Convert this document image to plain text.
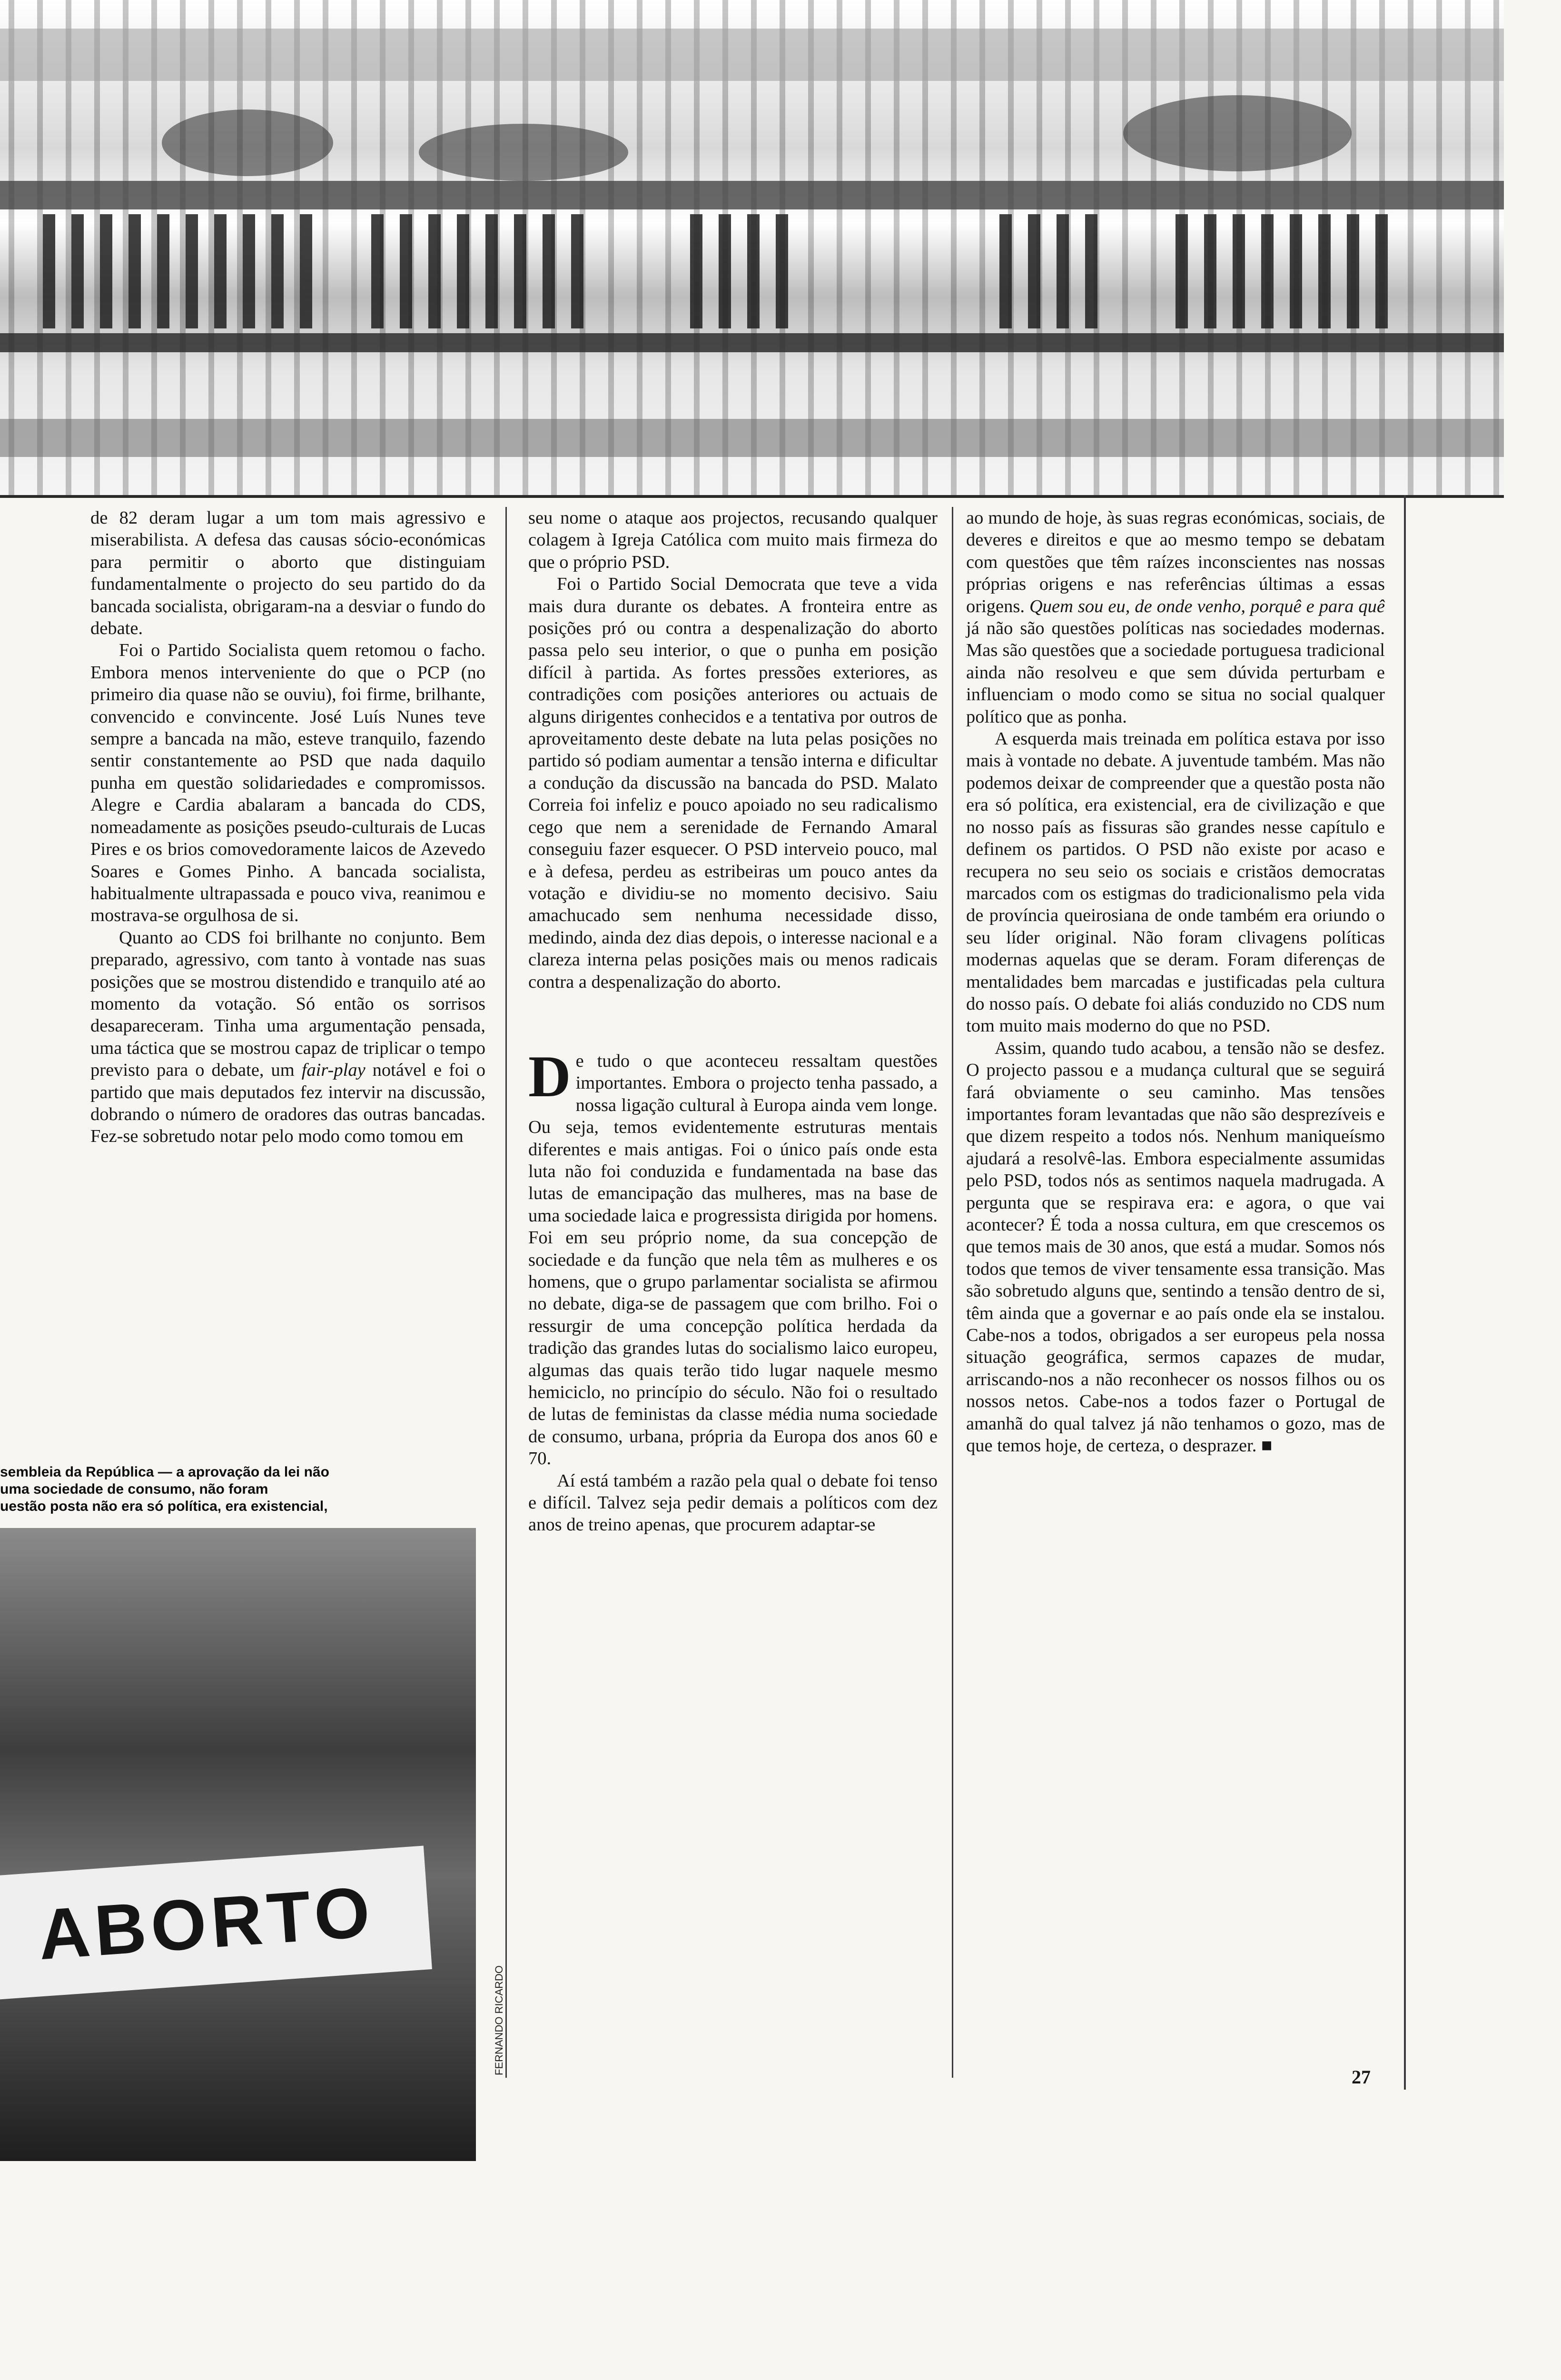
de 82 deram lugar a um tom mais agressivo e miserabilista. A defesa das causas sócio-económicas para permitir o aborto que distinguiam fundamentalmente o projecto do seu partido do da bancada socialista, obrigaram-na a desviar o fundo do debate.

Foi o Partido Socialista quem retomou o facho. Embora menos interveniente do que o PCP (no primeiro dia quase não se ouviu), foi firme, brilhante, convencido e convincente. José Luís Nunes teve sempre a bancada na mão, esteve tranquilo, fazendo sentir constantemente ao PSD que nada daquilo punha em questão solidariedades e compromissos. Alegre e Cardia abalaram a bancada do CDS, nomeadamente as posições pseudo-culturais de Lucas Pires e os brios comovedoramente laicos de Azevedo Soares e Gomes Pinho. A bancada socialista, habitualmente ultrapassada e pouco viva, reanimou e mostrava-se orgulhosa de si.

Quanto ao CDS foi brilhante no conjunto. Bem preparado, agressivo, com tanto à vontade nas suas posições que se mostrou distendido e tranquilo até ao momento da votação. Só então os sorrisos desapareceram. Tinha uma argumentação pensada, uma táctica que se mostrou capaz de triplicar o tempo previsto para o debate, um fair-play notável e foi o partido que mais deputados fez intervir na discussão, dobrando o número de oradores das outras bancadas. Fez-se sobretudo notar pelo modo como tomou em

sembleia da República — a aprovação da lei não
uma sociedade de consumo, não foram
uestão posta não era só política, era existencial,
ABORTO
FERNANDO RICARDO

seu nome o ataque aos projectos, recusando qualquer colagem à Igreja Católica com muito mais firmeza do que o próprio PSD.

Foi o Partido Social Democrata que teve a vida mais dura durante os debates. A fronteira entre as posições pró ou contra a despenalização do aborto passa pelo seu interior, o que o punha em posição difícil à partida. As fortes pressões exteriores, as contradições com posições anteriores ou actuais de alguns dirigentes conhecidos e a tentativa por outros de aproveitamento deste debate na luta pelas posições no partido só podiam aumentar a tensão interna e dificultar a condução da discussão na bancada do PSD. Malato Correia foi infeliz e pouco apoiado no seu radicalismo cego que nem a serenidade de Fernando Amaral conseguiu fazer esquecer. O PSD interveio pouco, mal e à defesa, perdeu as estribeiras um pouco antes da votação e dividiu-se no momento decisivo. Saiu amachucado sem nenhuma necessidade disso, medindo, ainda dez dias depois, o interesse nacional e a clareza interna pelas posições mais ou menos radicais contra a despenalização do aborto.

De tudo o que aconteceu ressaltam questões importantes. Embora o projecto tenha passado, a nossa ligação cultural à Europa ainda vem longe. Ou seja, temos evidentemente estruturas mentais diferentes e mais antigas. Foi o único país onde esta luta não foi conduzida e fundamentada na base das lutas de emancipação das mulheres, mas na base de uma sociedade laica e progressista dirigida por homens. Foi em seu próprio nome, da sua concepção de sociedade e da função que nela têm as mulheres e os homens, que o grupo parlamentar socialista se afirmou no debate, diga-se de passagem que com brilho. Foi o ressurgir de uma concepção política herdada da tradição das grandes lutas do socialismo laico europeu, algumas das quais terão tido lugar naquele mesmo hemiciclo, no princípio do século. Não foi o resultado de lutas de feministas da classe média numa sociedade de consumo, urbana, própria da Europa dos anos 60 e 70.

Aí está também a razão pela qual o debate foi tenso e difícil. Talvez seja pedir demais a políticos com dez anos de treino apenas, que procurem adaptar-se

ao mundo de hoje, às suas regras económicas, sociais, de deveres e direitos e que ao mesmo tempo se debatam com questões que têm raízes inconscientes nas nossas próprias origens e nas referências últimas a essas origens. Quem sou eu, de onde venho, porquê e para quê já não são questões políticas nas sociedades modernas. Mas são questões que a sociedade portuguesa tradicional ainda não resolveu e que sem dúvida perturbam e influenciam o modo como se situa no social qualquer político que as ponha.

A esquerda mais treinada em política estava por isso mais à vontade no debate. A juventude também. Mas não podemos deixar de compreender que a questão posta não era só política, era existencial, era de civilização e que no nosso país as fissuras são grandes nesse capítulo e definem os partidos. O PSD não existe por acaso e recupera no seu seio os sociais e cristãos democratas marcados com os estigmas do tradicionalismo pela vida de província queirosiana de onde também era oriundo o seu líder original. Não foram clivagens políticas modernas aquelas que se deram. Foram diferenças de mentalidades bem marcadas e justificadas pela cultura do nosso país. O debate foi aliás conduzido no CDS num tom muito mais moderno do que no PSD.

Assim, quando tudo acabou, a tensão não se desfez. O projecto passou e a mudança cultural que se seguirá fará obviamente o seu caminho. Mas tensões importantes foram levantadas que não são desprezíveis e que dizem respeito a todos nós. Nenhum maniqueísmo ajudará a resolvê-las. Embora especialmente assumidas pelo PSD, todos nós as sentimos naquela madrugada. A pergunta que se respirava era: e agora, o que vai acontecer? É toda a nossa cultura, em que crescemos os que temos mais de 30 anos, que está a mudar. Somos nós todos que temos de viver tensamente essa transição. Mas são sobretudo alguns que, sentindo a tensão dentro de si, têm ainda que a governar e ao país onde ela se instalou. Cabe-nos a todos, obrigados a ser europeus pela nossa situação geográfica, sermos capazes de mudar, arriscando-nos a não reconhecer os nossos filhos ou os nossos netos. Cabe-nos a todos fazer o Portugal de amanhã do qual talvez já não tenhamos o gozo, mas de que temos hoje, de certeza, o desprazer. ■

27
